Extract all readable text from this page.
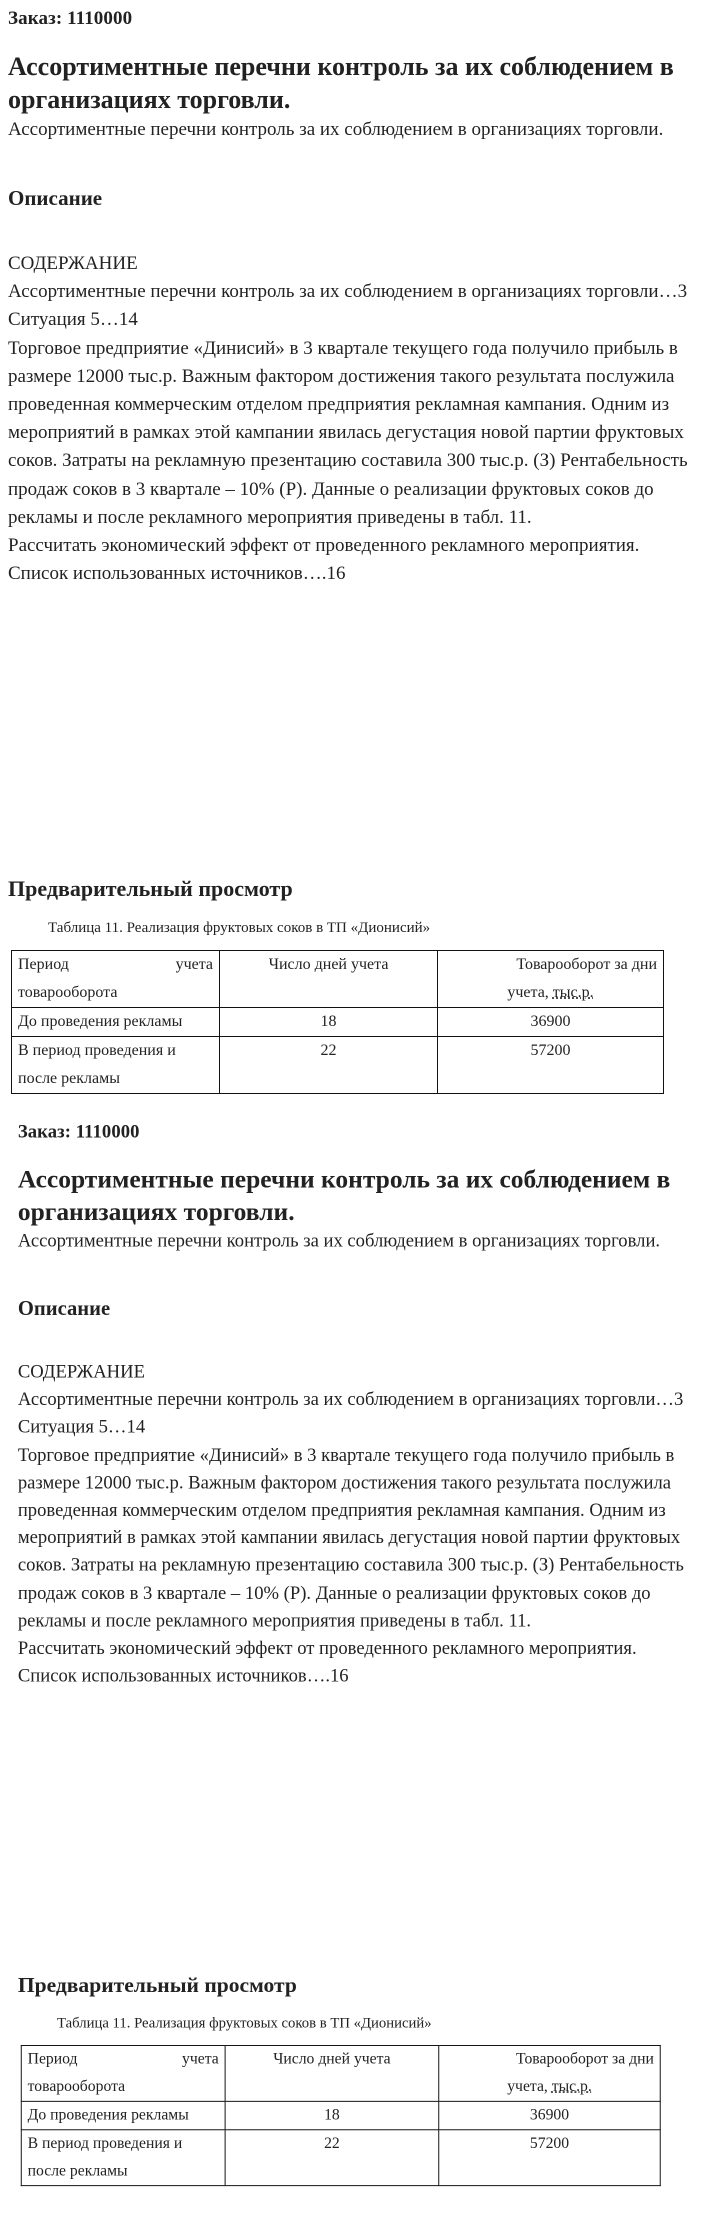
Заказ: 1110000
Ассортиментные перечни контроль за их соблюдением в организациях торговли.
Ассортиментные перечни контроль за их соблюдением в организациях торговли.
Описание
СОДЕРЖАНИЕ
Ассортиментные перечни контроль за их соблюдением в организациях торговли…3
Ситуация 5…14
Торговое предприятие «Динисий» в 3 квартале текущего года получило прибыль в размере 12000 тыс.р. Важным фактором достижения такого результата послужила проведенная коммерческим отделом предприятия рекламная кампания. Одним из мероприятий в рамках этой кампании явилась дегустация новой партии фруктовых соков. Затраты на рекламную презентацию составила 300 тыс.р. (З) Рентабельность продаж соков в 3 квартале – 10% (Р). Данные о реализации фруктовых соков до рекламы и после рекламного мероприятия приведены в табл. 11.
Рассчитать экономический эффект от проведенного рекламного мероприятия.
Список использованных источников….16
Предварительный просмотр
Таблица 11. Реализация фруктовых соков в ТП «Дионисий»
Период учета
товарооборота	Число дней учета	Товарооборот за дни
учета, тыс.р.
До проведения рекламы	18	36900

В период проведения и
после рекламы	22	57200
Заказ: 1110000
Ассортиментные перечни контроль за их соблюдением в организациях торговли.
Ассортиментные перечни контроль за их соблюдением в организациях торговли.
Описание
СОДЕРЖАНИЕ
Ассортиментные перечни контроль за их соблюдением в организациях торговли…3
Ситуация 5…14
Торговое предприятие «Динисий» в 3 квартале текущего года получило прибыль в размере 12000 тыс.р. Важным фактором достижения такого результата послужила проведенная коммерческим отделом предприятия рекламная кампания. Одним из мероприятий в рамках этой кампании явилась дегустация новой партии фруктовых соков. Затраты на рекламную презентацию составила 300 тыс.р. (З) Рентабельность продаж соков в 3 квартале – 10% (Р). Данные о реализации фруктовых соков до рекламы и после рекламного мероприятия приведены в табл. 11.
Рассчитать экономический эффект от проведенного рекламного мероприятия.
Список использованных источников….16
Предварительный просмотр
Таблица 11. Реализация фруктовых соков в ТП «Дионисий»
Период учета
товарооборота	Число дней учета	Товарооборот за дни
учета, тыс.р.
До проведения рекламы	18	36900

В период проведения и
после рекламы	22	57200
